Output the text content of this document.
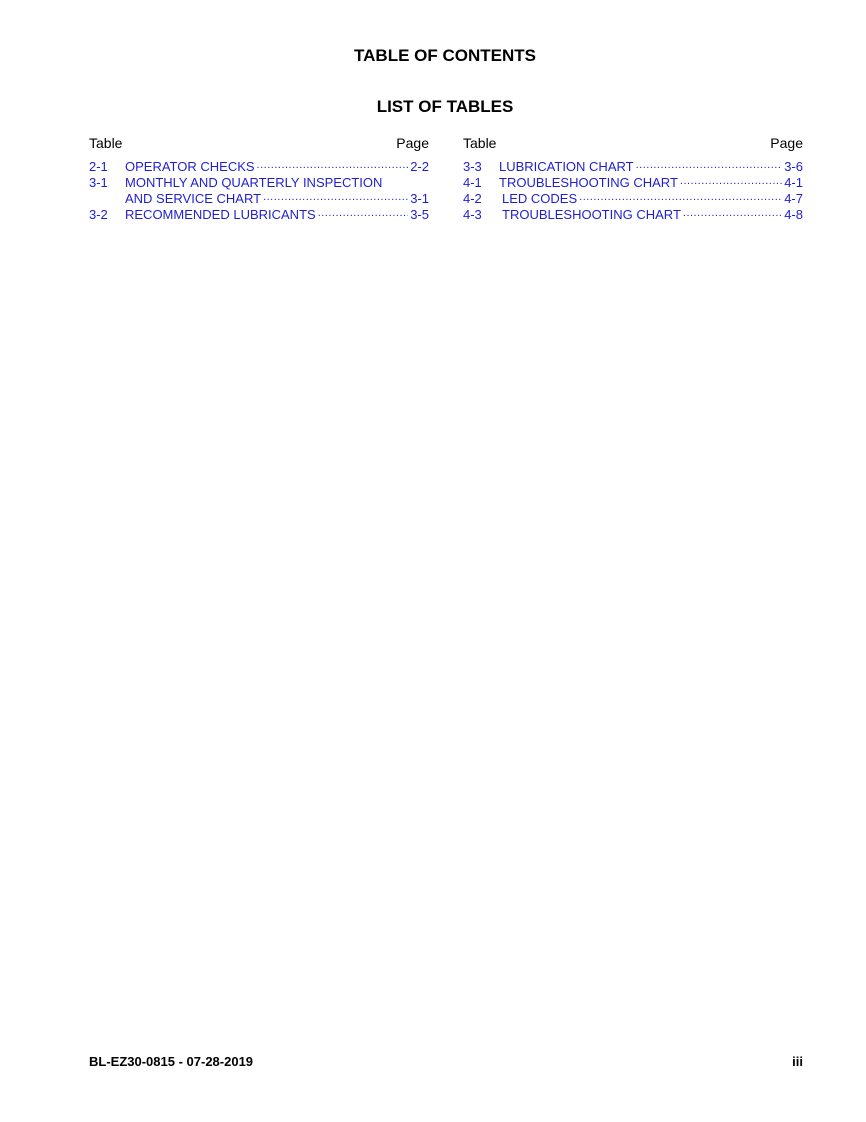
TABLE OF CONTENTS
LIST OF TABLES
Table	Page
2-1 OPERATOR CHECKS .....	2-2
3-1 MONTHLY AND QUARTERLY INSPECTION
AND SERVICE CHART .....	3-1
3-2 RECOMMENDED LUBRICANTS .....	3-5
Table	Page
3-3 LUBRICATION CHART .....	3-6
4-1 TROUBLESHOOTING CHART .....	4-1
4-2 LED CODES .....	4-7
4-3 TROUBLESHOOTING CHART .....	4-8
BL-EZ30-0815 - 07-28-2019	iii
